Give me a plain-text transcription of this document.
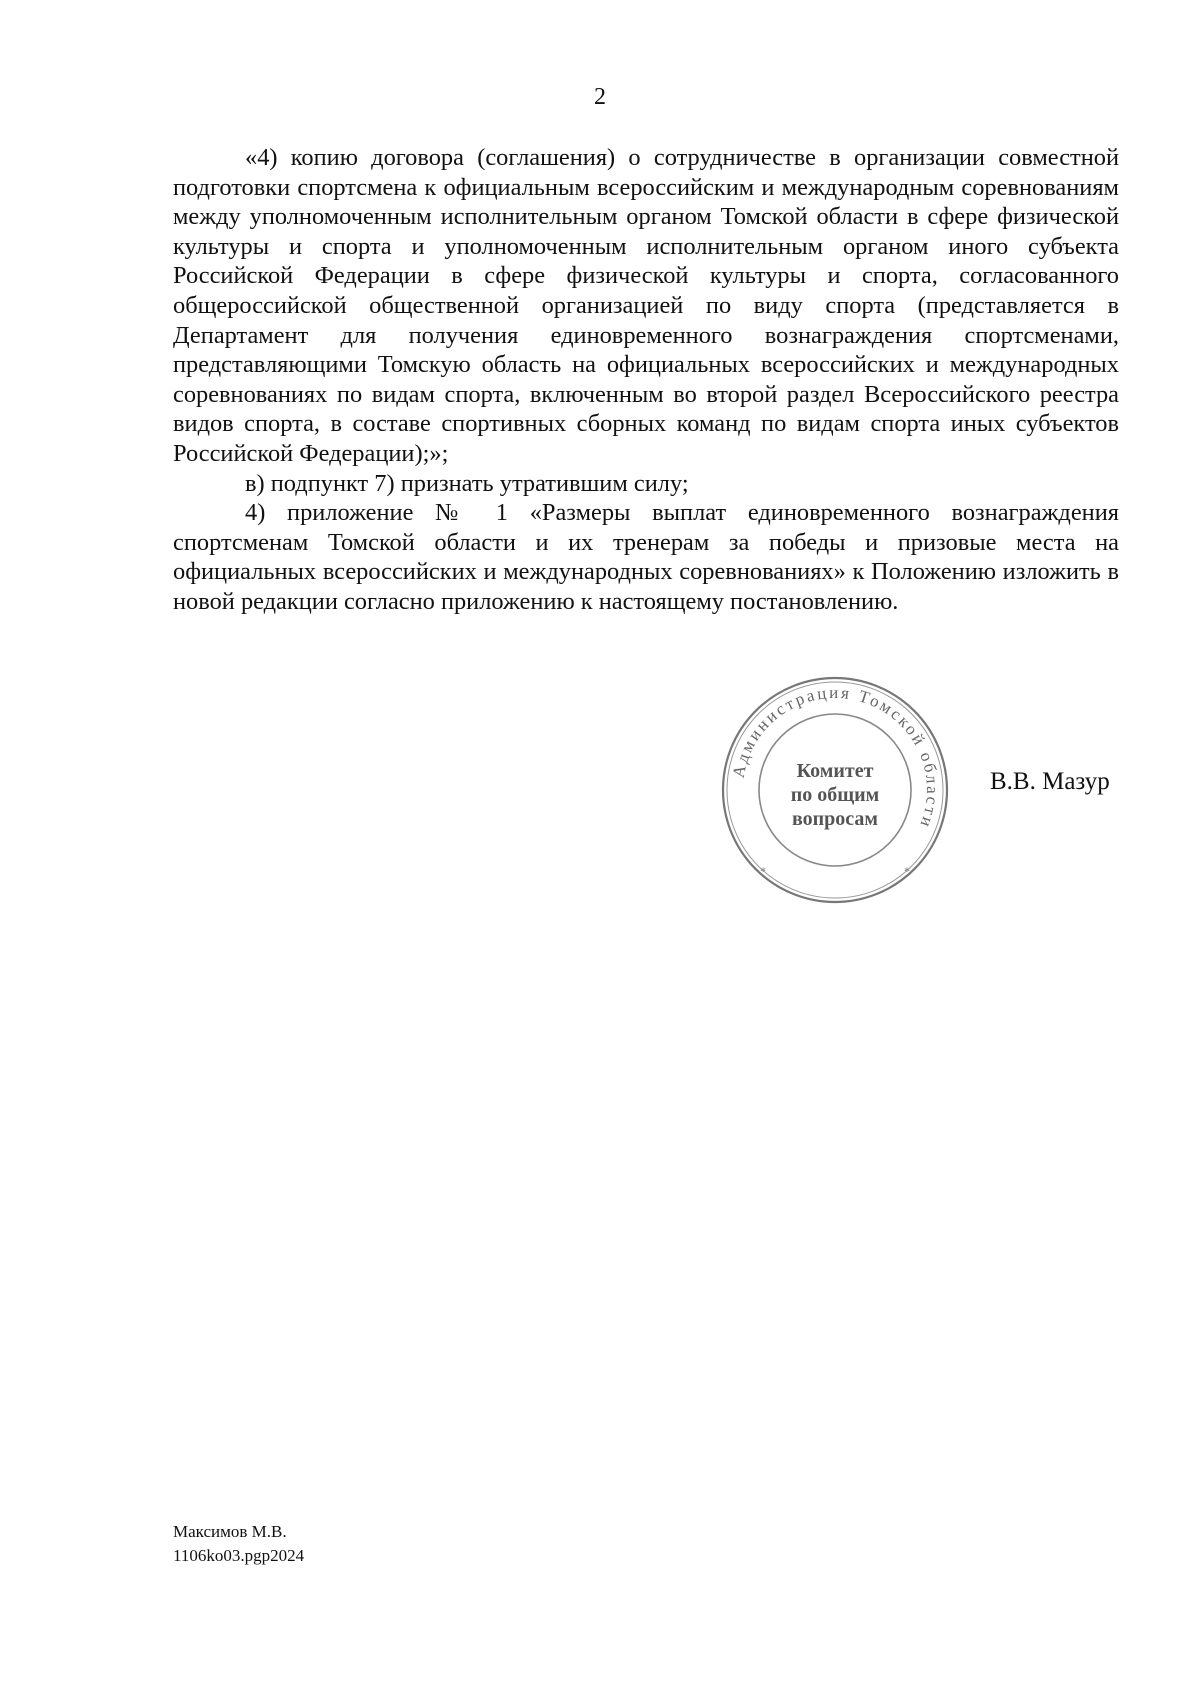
2

«4) копию договора (соглашения) о сотрудничестве в организации совместной подготовки спортсмена к официальным всероссийским и международным соревнованиям между уполномоченным исполнительным органом Томской области в сфере физической культуры и спорта и уполномоченным исполнительным органом иного субъекта Российской Федерации в сфере физической культуры и спорта, согласованного общероссийской общественной организацией по виду спорта (представляется в Департамент для получения единовременного вознаграждения спортсменами, представляющими Томскую область на официальных всероссийских и международных соревнованиях по видам спорта, включенным во второй раздел Всероссийского реестра видов спорта, в составе спортивных сборных команд по видам спорта иных субъектов Российской Федерации);»;

в) подпункт 7) признать утратившим силу;

4) приложение № 1 «Размеры выплат единовременного вознаграждения спортсменам Томской области и их тренерам за победы и призовые места на официальных всероссийских и международных соревнованиях» к Положению изложить в новой редакции согласно приложению к настоящему постановлению.

Администрация Томской области
*	*
Комитет
по общим
вопросам
В.В. Мазур
Максимов М.В.
1106ko03.pgp2024
